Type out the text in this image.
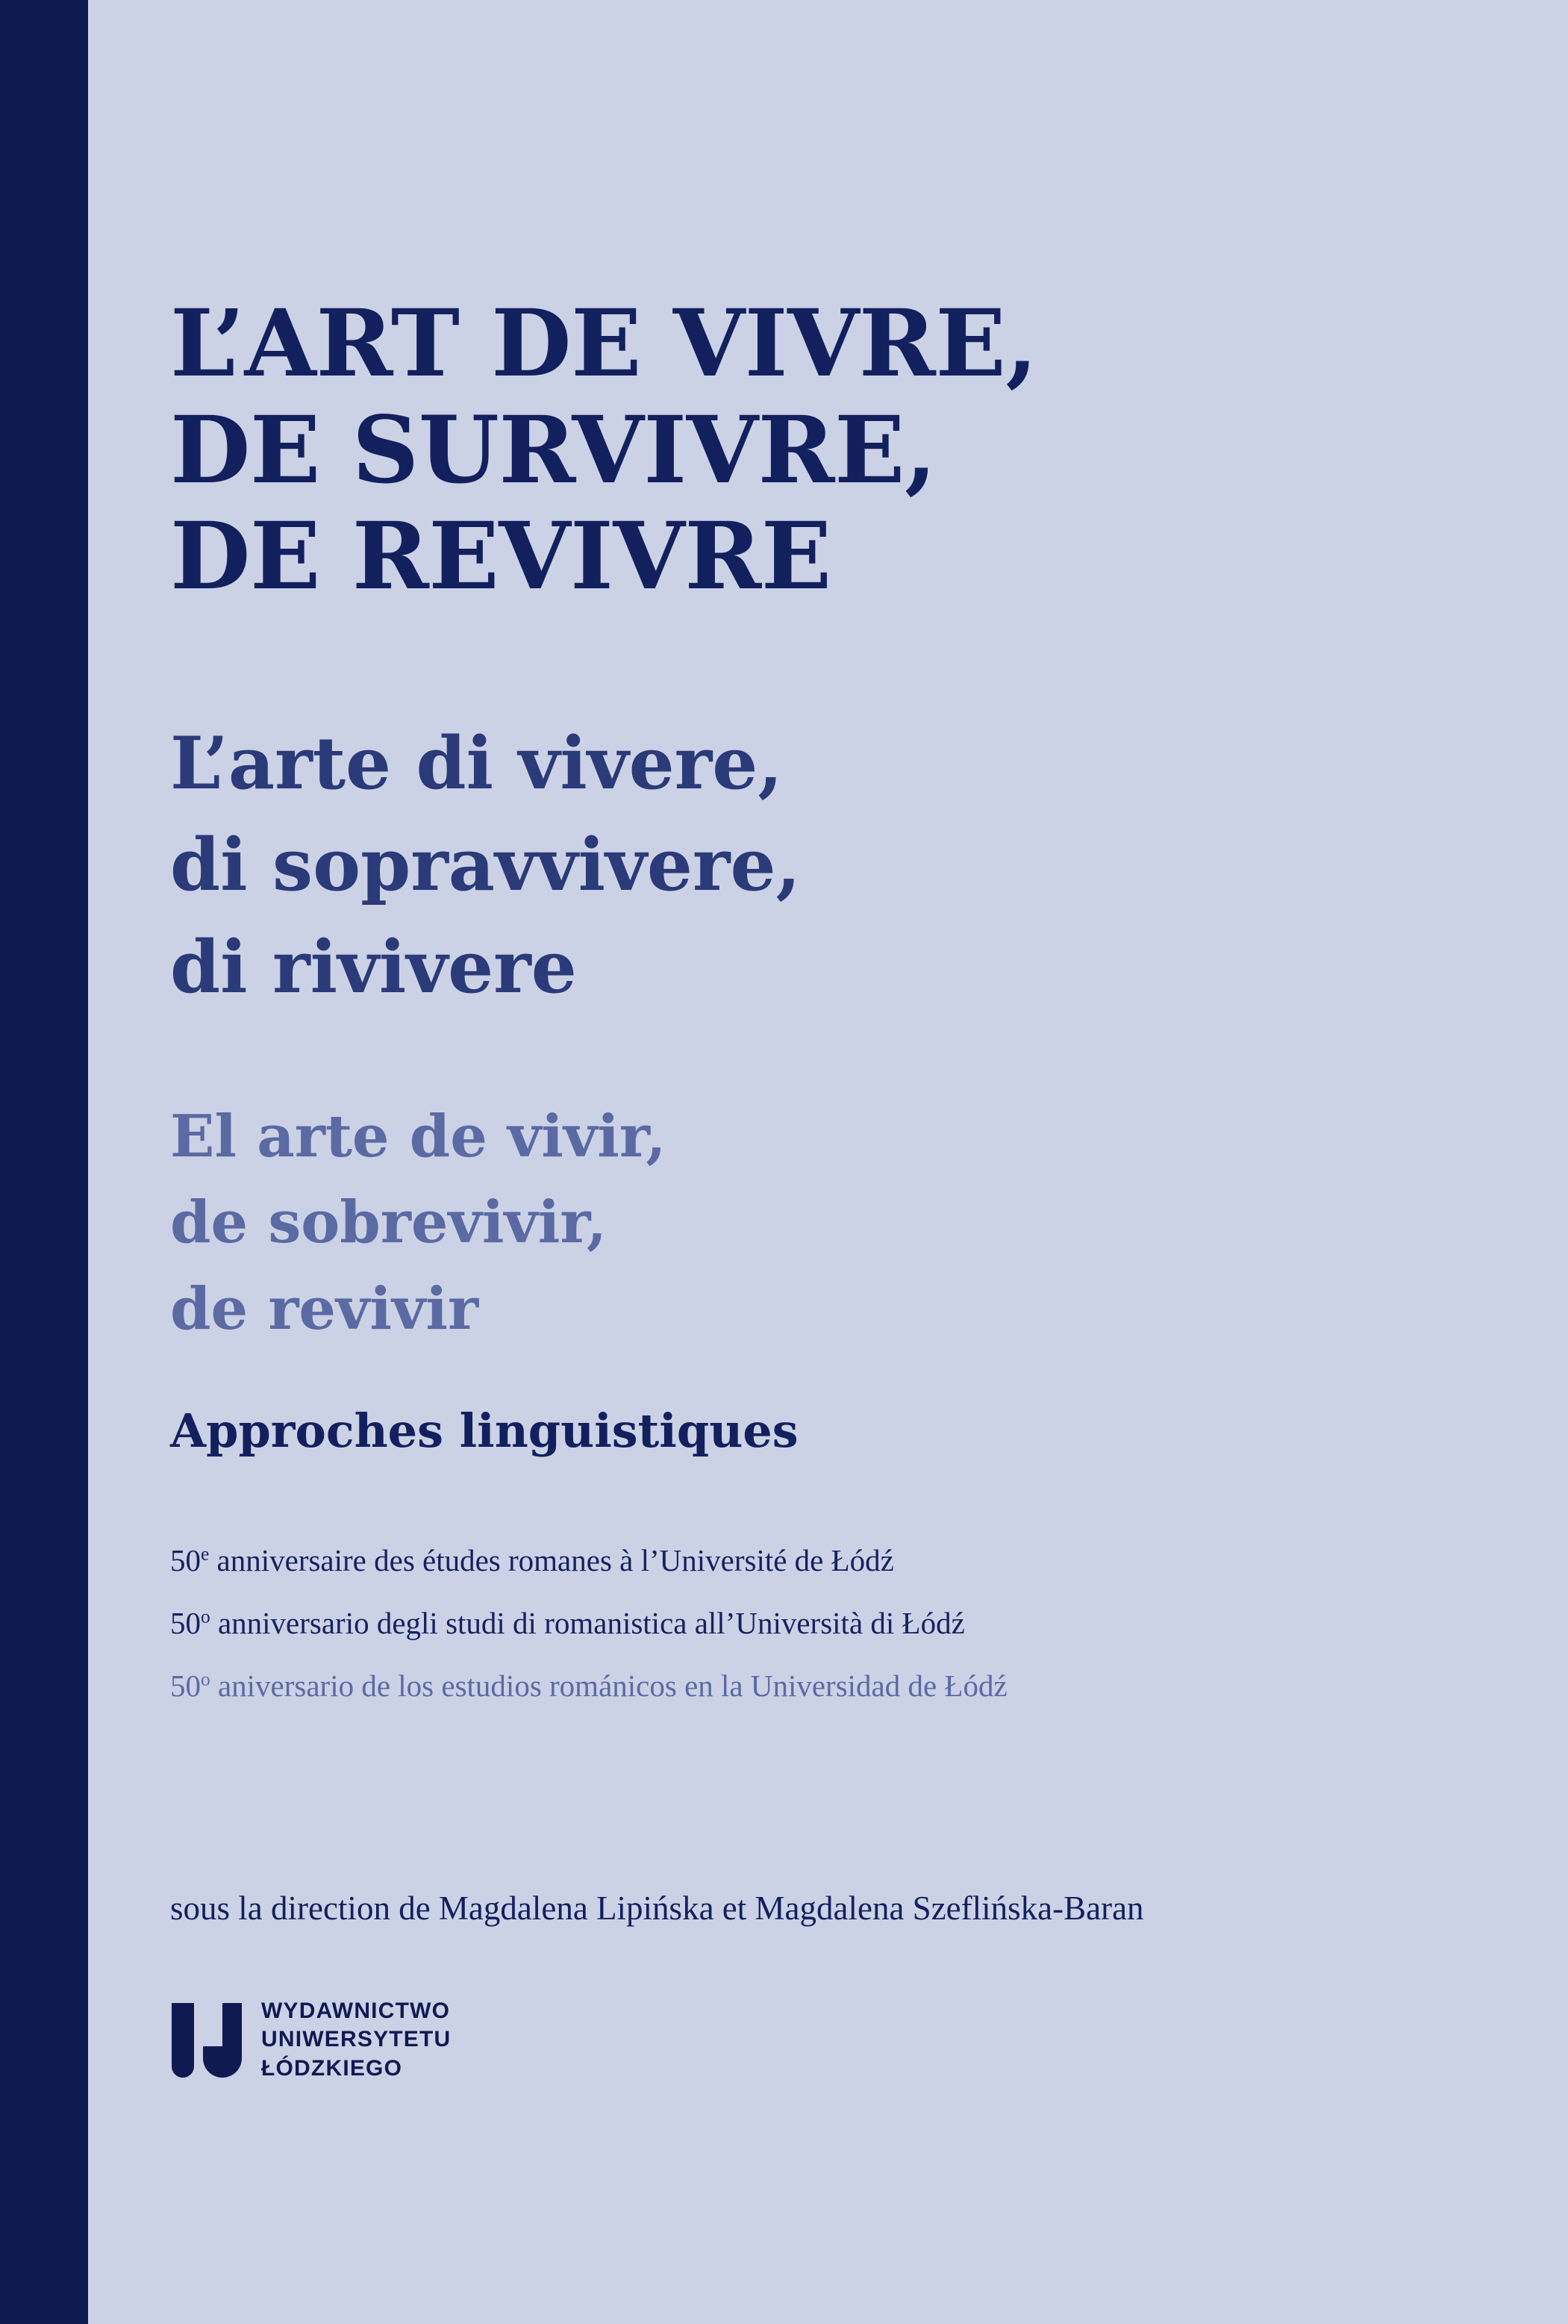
L’ART DE VIVRE,
DE SURVIVRE,
DE REVIVRE
L’arte di vivere,
di sopravvivere,
di rivivere
El arte de vivir,
de sobrevivir,
de revivir
Approches linguistiques
50e anniversaire des études romanes à l’Université de Łódź
50$^o$ anniversario degli studi di romanistica all’Università di Łódź
50$^o$ aniversario de los estudios románicos en la Universidad de Łódź
sous la direction de Magdalena Lipińska et Magdalena Szeflińska-Baran
WYDAWNICTWO
UNIWERSYTETU
ŁÓDZKIEGO
